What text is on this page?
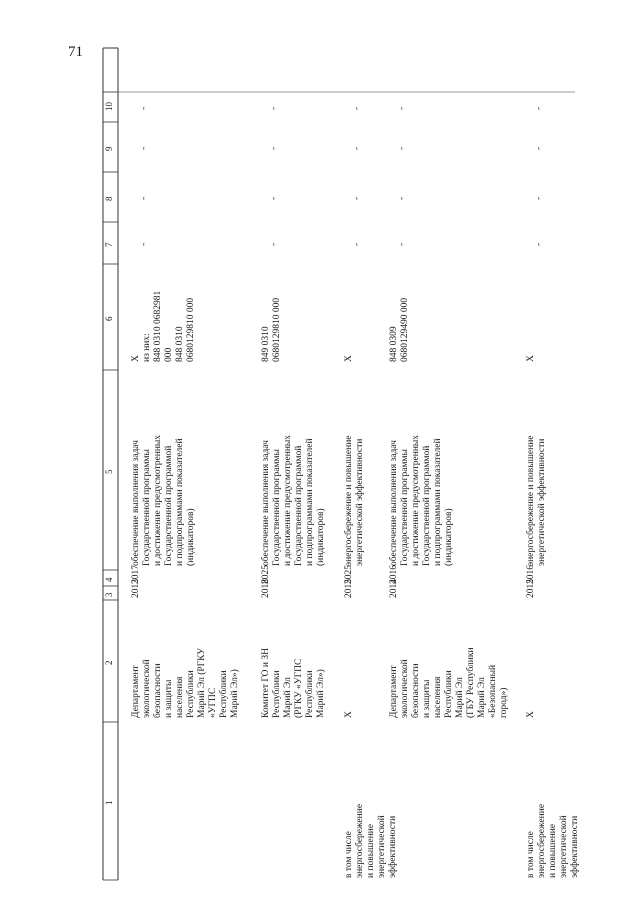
71
1
2
3
4
5
6
7
8
9
10
Департамент экологической безопасности и защиты населения Республики Марий Эл (РГКУ «УГПС Республики Марий Эл»)
2013
2017
обеспечение выполнения задач Государственной программы и достижение предусмотренных Государственной программой и подпрограммами показателей (индикаторов)
X из них: 848 0310 0682981 000 848 0310 0680129810 000
-
-
-
-
Комитет ГО и ЗН Республики Марий Эл (РГКУ «УГПС Республики Марий Эл»)
2018
2025
обеспечение выполнения задач Государственной программы и достижение предусмотренных Государственной программой и подпрограммами показателей (индикаторов)
849 0310 0680129810 000
-
-
-
-
в том числе энергосбережение и повышение энергетической эффективности
X
2015
2025
энергосбережение и повышение энергетической эффективности
X
-
-
-
-
Департамент экологической безопасности и защиты населения Республики Марий Эл (ГБУ Республики Марий Эл «Безопасный город»)
2014
2016
обеспечение выполнения задач Государственной программы и достижение предусмотренных Государственной программой и подпрограммами показателей (индикаторов)
848 0309 0680129490 000
-
-
-
-
в том числе энергосбережение и повышение энергетической эффективности
X
2015
2016
энергосбережение и повышение энергетической эффективности
X
-
-
-
-
